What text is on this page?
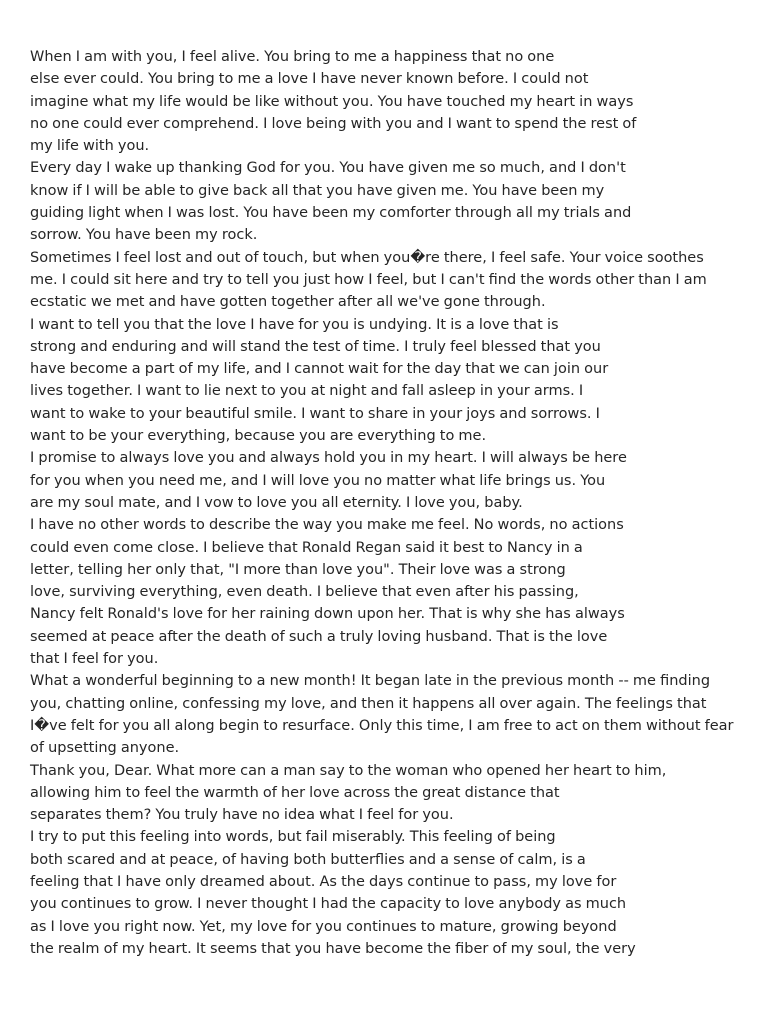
When I am with you, I feel alive. You bring to me a happiness that no one
else ever could. You bring to me a love I have never known before. I could not
imagine what my life would be like without you. You have touched my heart in ways
no one could ever comprehend. I love being with you and I want to spend the rest of
my life with you.
Every day I wake up thanking God for you. You have given me so much, and I don't
know if I will be able to give back all that you have given me. You have been my
guiding light when I was lost. You have been my comforter through all my trials and
sorrow. You have been my rock.
Sometimes I feel lost and out of touch, but when you�re there, I feel safe. Your voice soothes
me. I could sit here and try to tell you just how I feel, but I can't find the words other than I am
ecstatic we met and have gotten together after all we've gone through.
I want to tell you that the love I have for you is undying. It is a love that is
strong and enduring and will stand the test of time. I truly feel blessed that you
have become a part of my life, and I cannot wait for the day that we can join our
lives together. I want to lie next to you at night and fall asleep in your arms. I
want to wake to your beautiful smile. I want to share in your joys and sorrows. I
want to be your everything, because you are everything to me.
I promise to always love you and always hold you in my heart. I will always be here
for you when you need me, and I will love you no matter what life brings us. You
are my soul mate, and I vow to love you all eternity. I love you, baby.
I have no other words to describe the way you make me feel. No words, no actions
could even come close. I believe that Ronald Regan said it best to Nancy in a
letter, telling her only that, "I more than love you". Their love was a strong
love, surviving everything, even death. I believe that even after his passing,
Nancy felt Ronald's love for her raining down upon her. That is why she has always
seemed at peace after the death of such a truly loving husband. That is the love
that I feel for you.
What a wonderful beginning to a new month! It began late in the previous month -- me finding
you, chatting online, confessing my love, and then it happens all over again. The feelings that
I�ve felt for you all along begin to resurface. Only this time, I am free to act on them without fear
of upsetting anyone.
Thank you, Dear. What more can a man say to the woman who opened her heart to him,
allowing him to feel the warmth of her love across the great distance that
separates them? You truly have no idea what I feel for you.
I try to put this feeling into words, but fail miserably. This feeling of being
both scared and at peace, of having both butterflies and a sense of calm, is a
feeling that I have only dreamed about. As the days continue to pass, my love for
you continues to grow. I never thought I had the capacity to love anybody as much
as I love you right now. Yet, my love for you continues to mature, growing beyond
the realm of my heart. It seems that you have become the fiber of my soul, the very
